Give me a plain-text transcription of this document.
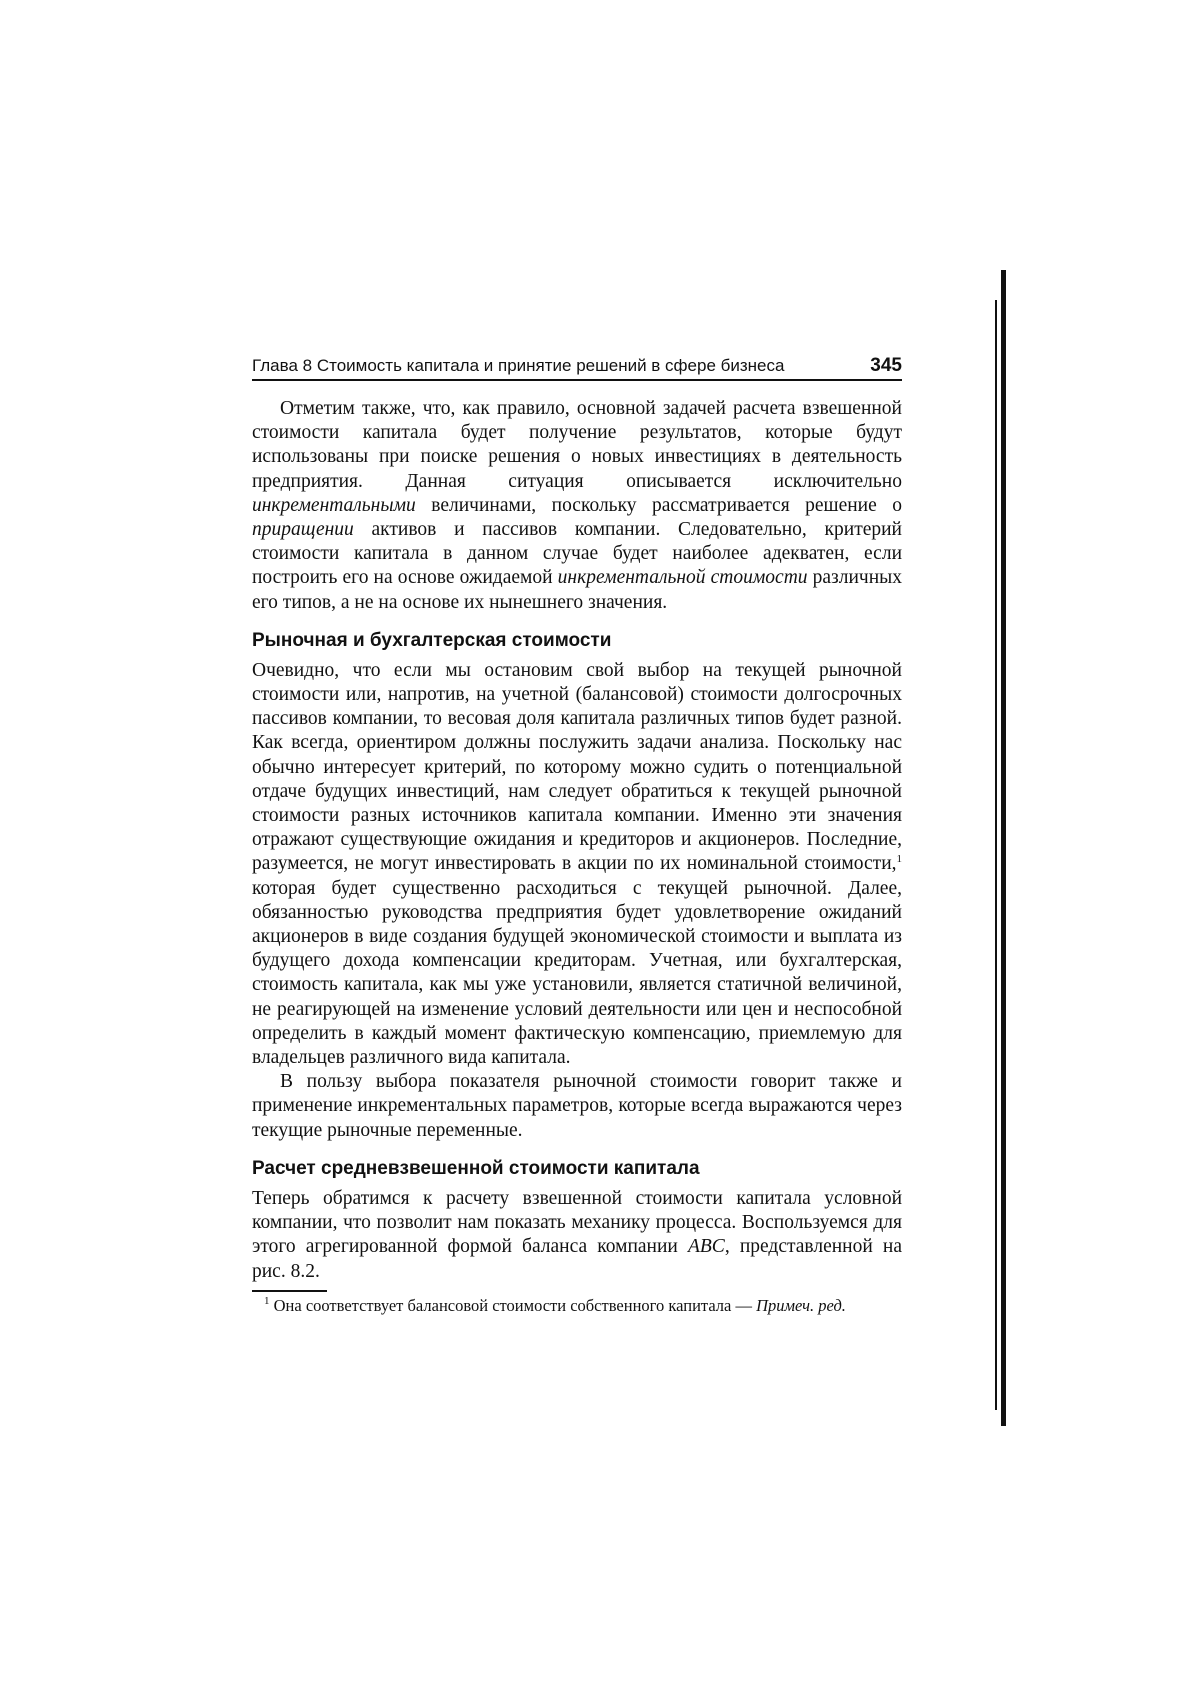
Глава 8 Стоимость капитала и принятие решений в сфере бизнеса	345

Отметим также, что, как правило, основной задачей расчета взвешенной стоимости капитала будет получение результатов, которые будут использованы при поиске решения о новых инвестициях в деятельность предприятия. Данная ситуация описывается исключительно инкрементальными величинами, поскольку рассматривается решение о приращении активов и пассивов компании. Следовательно, критерий стоимости капитала в данном случае будет наиболее адекватен, если построить его на основе ожидаемой инкрементальной стоимости различных его типов, а не на основе их нынешнего значения.

Рыночная и бухгалтерская стоимости

Очевидно, что если мы остановим свой выбор на текущей рыночной стоимости или, напротив, на учетной (балансовой) стоимости долгосрочных пассивов компании, то весовая доля капитала различных типов будет разной. Как всегда, ориентиром должны послужить задачи анализа. Поскольку нас обычно интересует критерий, по которому можно судить о потенциальной отдаче будущих инвестиций, нам следует обратиться к текущей рыночной стоимости разных источников капитала компании. Именно эти значения отражают существующие ожидания и кредиторов и акционеров. Последние, разумеется, не могут инвестировать в акции по их номинальной стоимости,$^1$ которая будет существенно расходиться с текущей рыночной. Далее, обязанностью руководства предприятия будет удовлетворение ожиданий акционеров в виде создания будущей экономической стоимости и выплата из будущего дохода компенсации кредиторам. Учетная, или бухгалтерская, стоимость капитала, как мы уже установили, является статичной величиной, не реагирующей на изменение условий деятельности или цен и неспособной определить в каждый момент фактическую компенсацию, приемлемую для владельцев различного вида капитала.

В пользу выбора показателя рыночной стоимости говорит также и применение инкрементальных параметров, которые всегда выражаются через текущие рыночные переменные.

Расчет средневзвешенной стоимости капитала

Теперь обратимся к расчету взвешенной стоимости капитала условной компании, что позволит нам показать механику процесса. Воспользуемся для этого агрегированной формой баланса компании ABC, представленной на рис. 8.2.

$^1$ Она соответствует балансовой стоимости собственного капитала — Примеч. ред.
